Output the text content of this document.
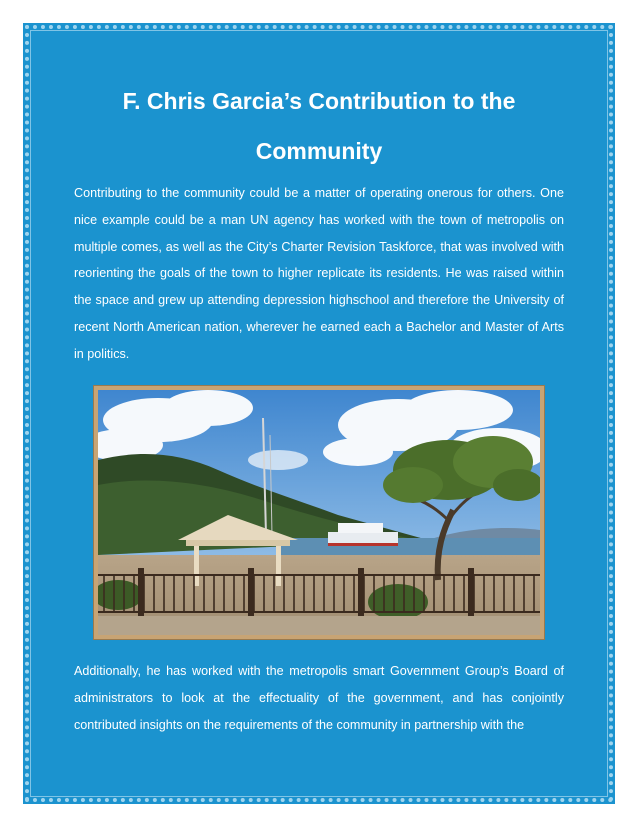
F. Chris Garcia’s Contribution to the Community

Contributing to the community could be a matter of operating onerous for others. One nice example could be a man UN agency has worked with the town of metropolis on multiple comes, as well as the City’s Charter Revision Taskforce, that was involved with reorienting the goals of the town to higher replicate its residents. He was raised within the space and grew up attending depression highschool and therefore the University of recent North American nation, wherever he earned each a Bachelor and Master of Arts in politics.

Additionally, he has worked with the metropolis smart Government Group’s Board of administrators to look at the effectuality of the government, and has conjointly contributed insights on the requirements of the community in partnership with the
